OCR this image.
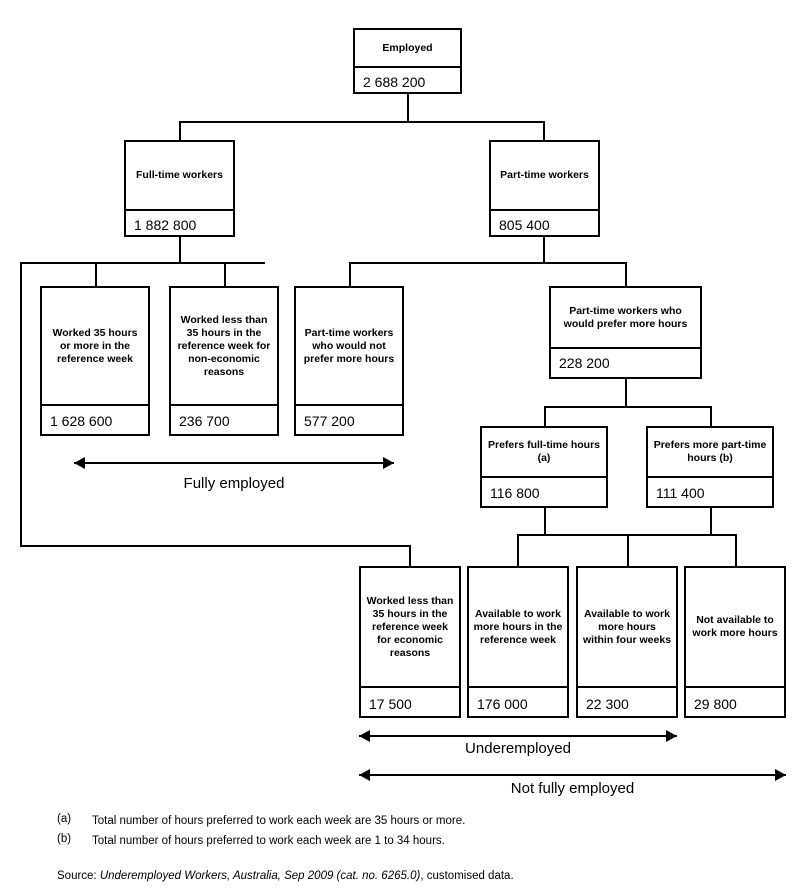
Employed
2 688 200
Full-time workers
1 882 800
Part-time workers
805 400
Worked 35 hours or more in the reference week
1 628 600
Worked less than 35 hours in the reference week for non-economic reasons
236 700
Part-time workers who would not prefer more hours
577 200
Part-time workers who would prefer more hours
228 200
Prefers full-time hours (a)
116 800
Prefers more part-time hours (b)
111 400
Worked less than 35 hours in the reference week for economic reasons
17 500
Available to work more hours in the reference week
176 000
Available to work more hours within four weeks
22 300
Not available to work more hours
29 800
Fully employed
Underemployed
Not fully employed
(a) Total number of hours preferred to work each week are 35 hours or more.
(b) Total number of hours preferred to work each week are 1 to 34 hours.
Source: Underemployed Workers, Australia, Sep 2009 (cat. no. 6265.0), customised data.
